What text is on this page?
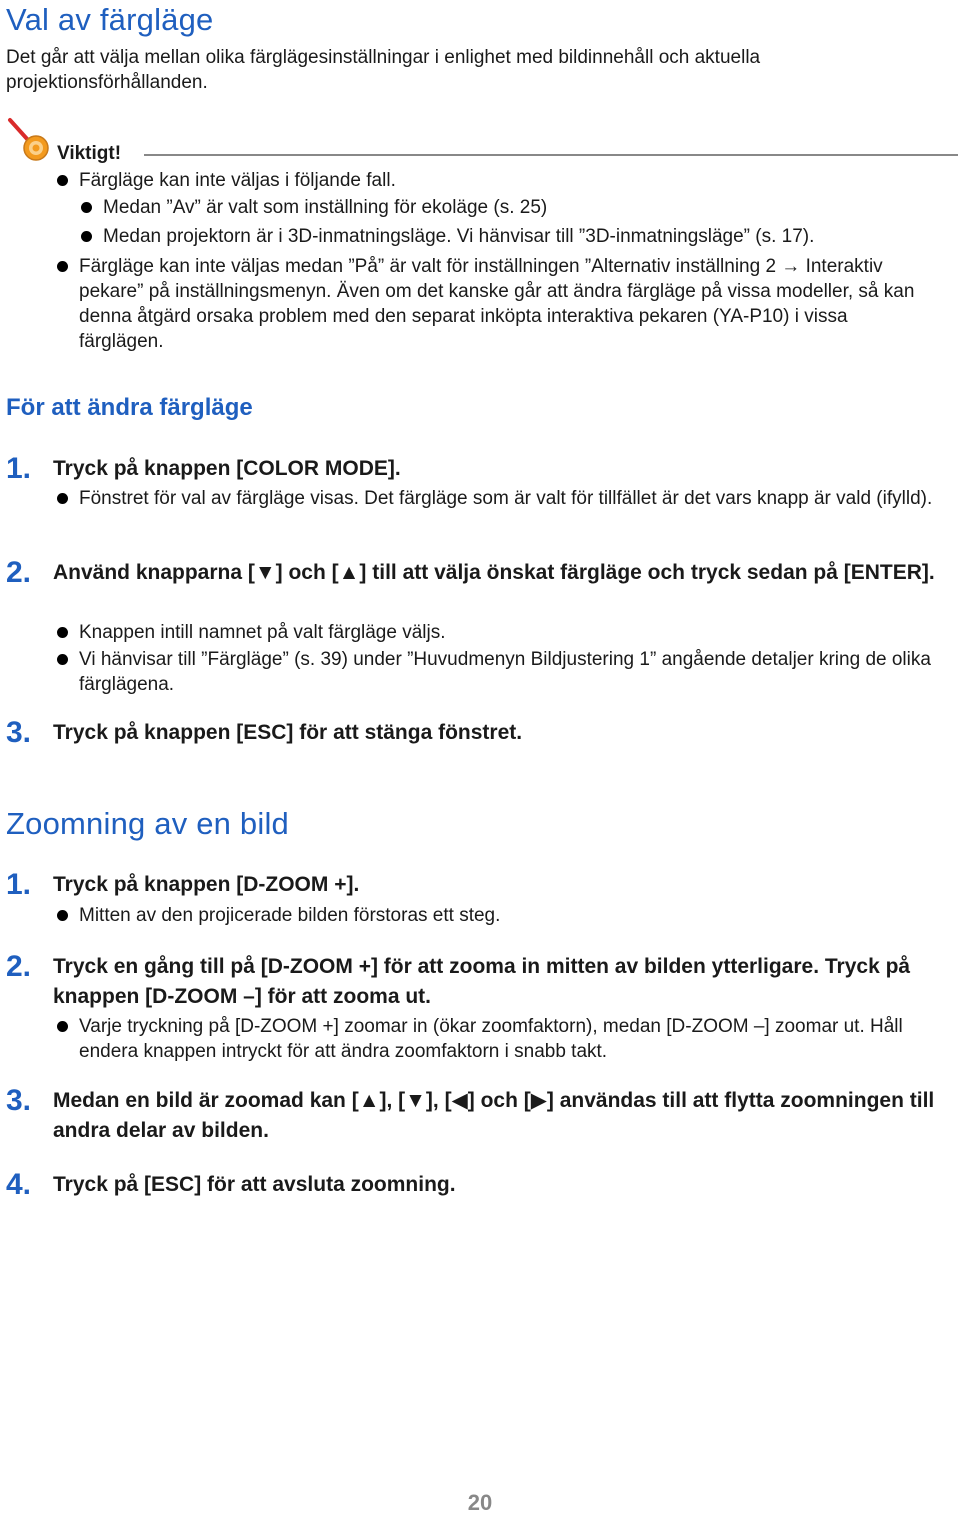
Val av färgläge

Det går att välja mellan olika färglägesinställningar i enlighet med bildinnehåll och aktuella projektionsförhållanden.

Viktigt!
Färgläge kan inte väljas i följande fall.
Medan ”Av” är valt som inställning för ekoläge (s. 25)
Medan projektorn är i 3D-inmatningsläge. Vi hänvisar till ”3D-inmatningsläge” (s. 17).
Färgläge kan inte väljas medan ”På” är valt för inställningen ”Alternativ inställning 2 → Interaktiv pekare” på inställningsmenyn. Även om det kanske går att ändra färgläge på vissa modeller, så kan denna åtgärd orsaka problem med den separat inköpta interaktiva pekaren (YA-P10) i vissa färglägen.
För att ändra färgläge
1. Tryck på knappen [COLOR MODE].
Fönstret för val av färgläge visas. Det färgläge som är valt för tillfället är det vars knapp är vald (ifylld).
2. Använd knapparna [▼] och [▲] till att välja önskat färgläge och tryck sedan på [ENTER].
Knappen intill namnet på valt färgläge väljs.
Vi hänvisar till ”Färgläge” (s. 39) under ”Huvudmenyn Bildjustering 1” angående detaljer kring de olika färglägena.
3. Tryck på knappen [ESC] för att stänga fönstret.
Zoomning av en bild
1. Tryck på knappen [D-ZOOM +].
Mitten av den projicerade bilden förstoras ett steg.
2. Tryck en gång till på [D-ZOOM +] för att zooma in mitten av bilden ytterligare. Tryck på knappen [D-ZOOM –] för att zooma ut.
Varje tryckning på [D-ZOOM +] zoomar in (ökar zoomfaktorn), medan [D-ZOOM –] zoomar ut. Håll endera knappen intryckt för att ändra zoomfaktorn i snabb takt.
3. Medan en bild är zoomad kan [▲], [▼], [◀] och [▶] användas till att flytta zoomningen till andra delar av bilden.
4. Tryck på [ESC] för att avsluta zoomning.
20
